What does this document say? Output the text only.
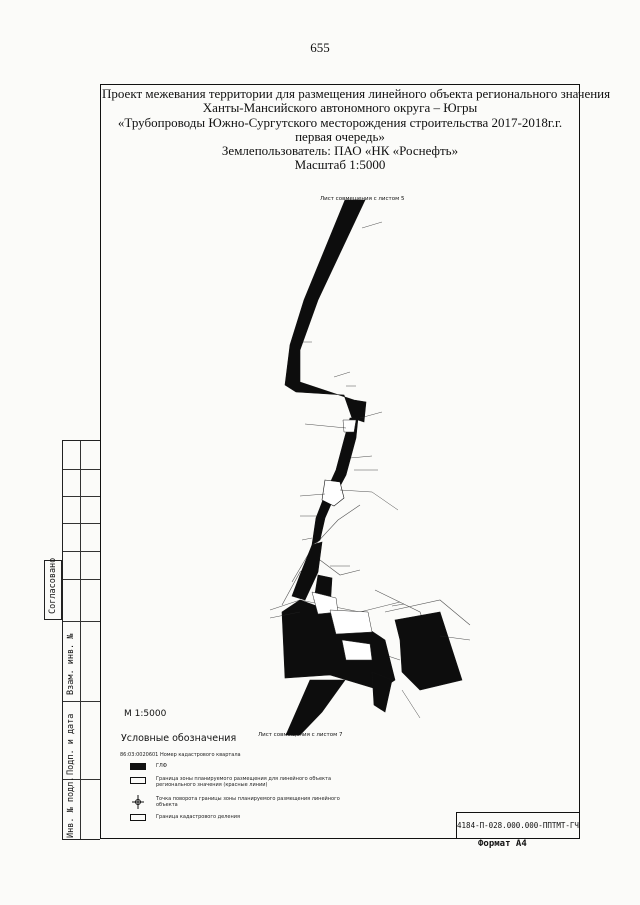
655
Проект межевания территории для размещения линейного объекта регионального значения
Ханты-Мансийского автономного округа – Югры
«Трубопроводы Южно-Сургутского месторождения строительства 2017-2018г.г.
первая очередь»
Землепользователь: ПАО «НК «Роснефть»
Масштаб 1:5000
Лист совмещения с листом 5
Лист совмещения с листом 7
Согласовано
Взам. инв. №
Подп. и дата
Инв. № подл.
М 1:5000
Условные обозначения
86:03:0020601 Номер кадастрового квартала
ГЛФ
Граница зоны планируемого размещения для линейного объекта регионального значения (красные линии)
Точка поворота границы зоны планируемого размещения линейного объекта
Граница кадастрового деления
4184-П-028.000.000-ППТМТ-ГЧ
Формат А4
